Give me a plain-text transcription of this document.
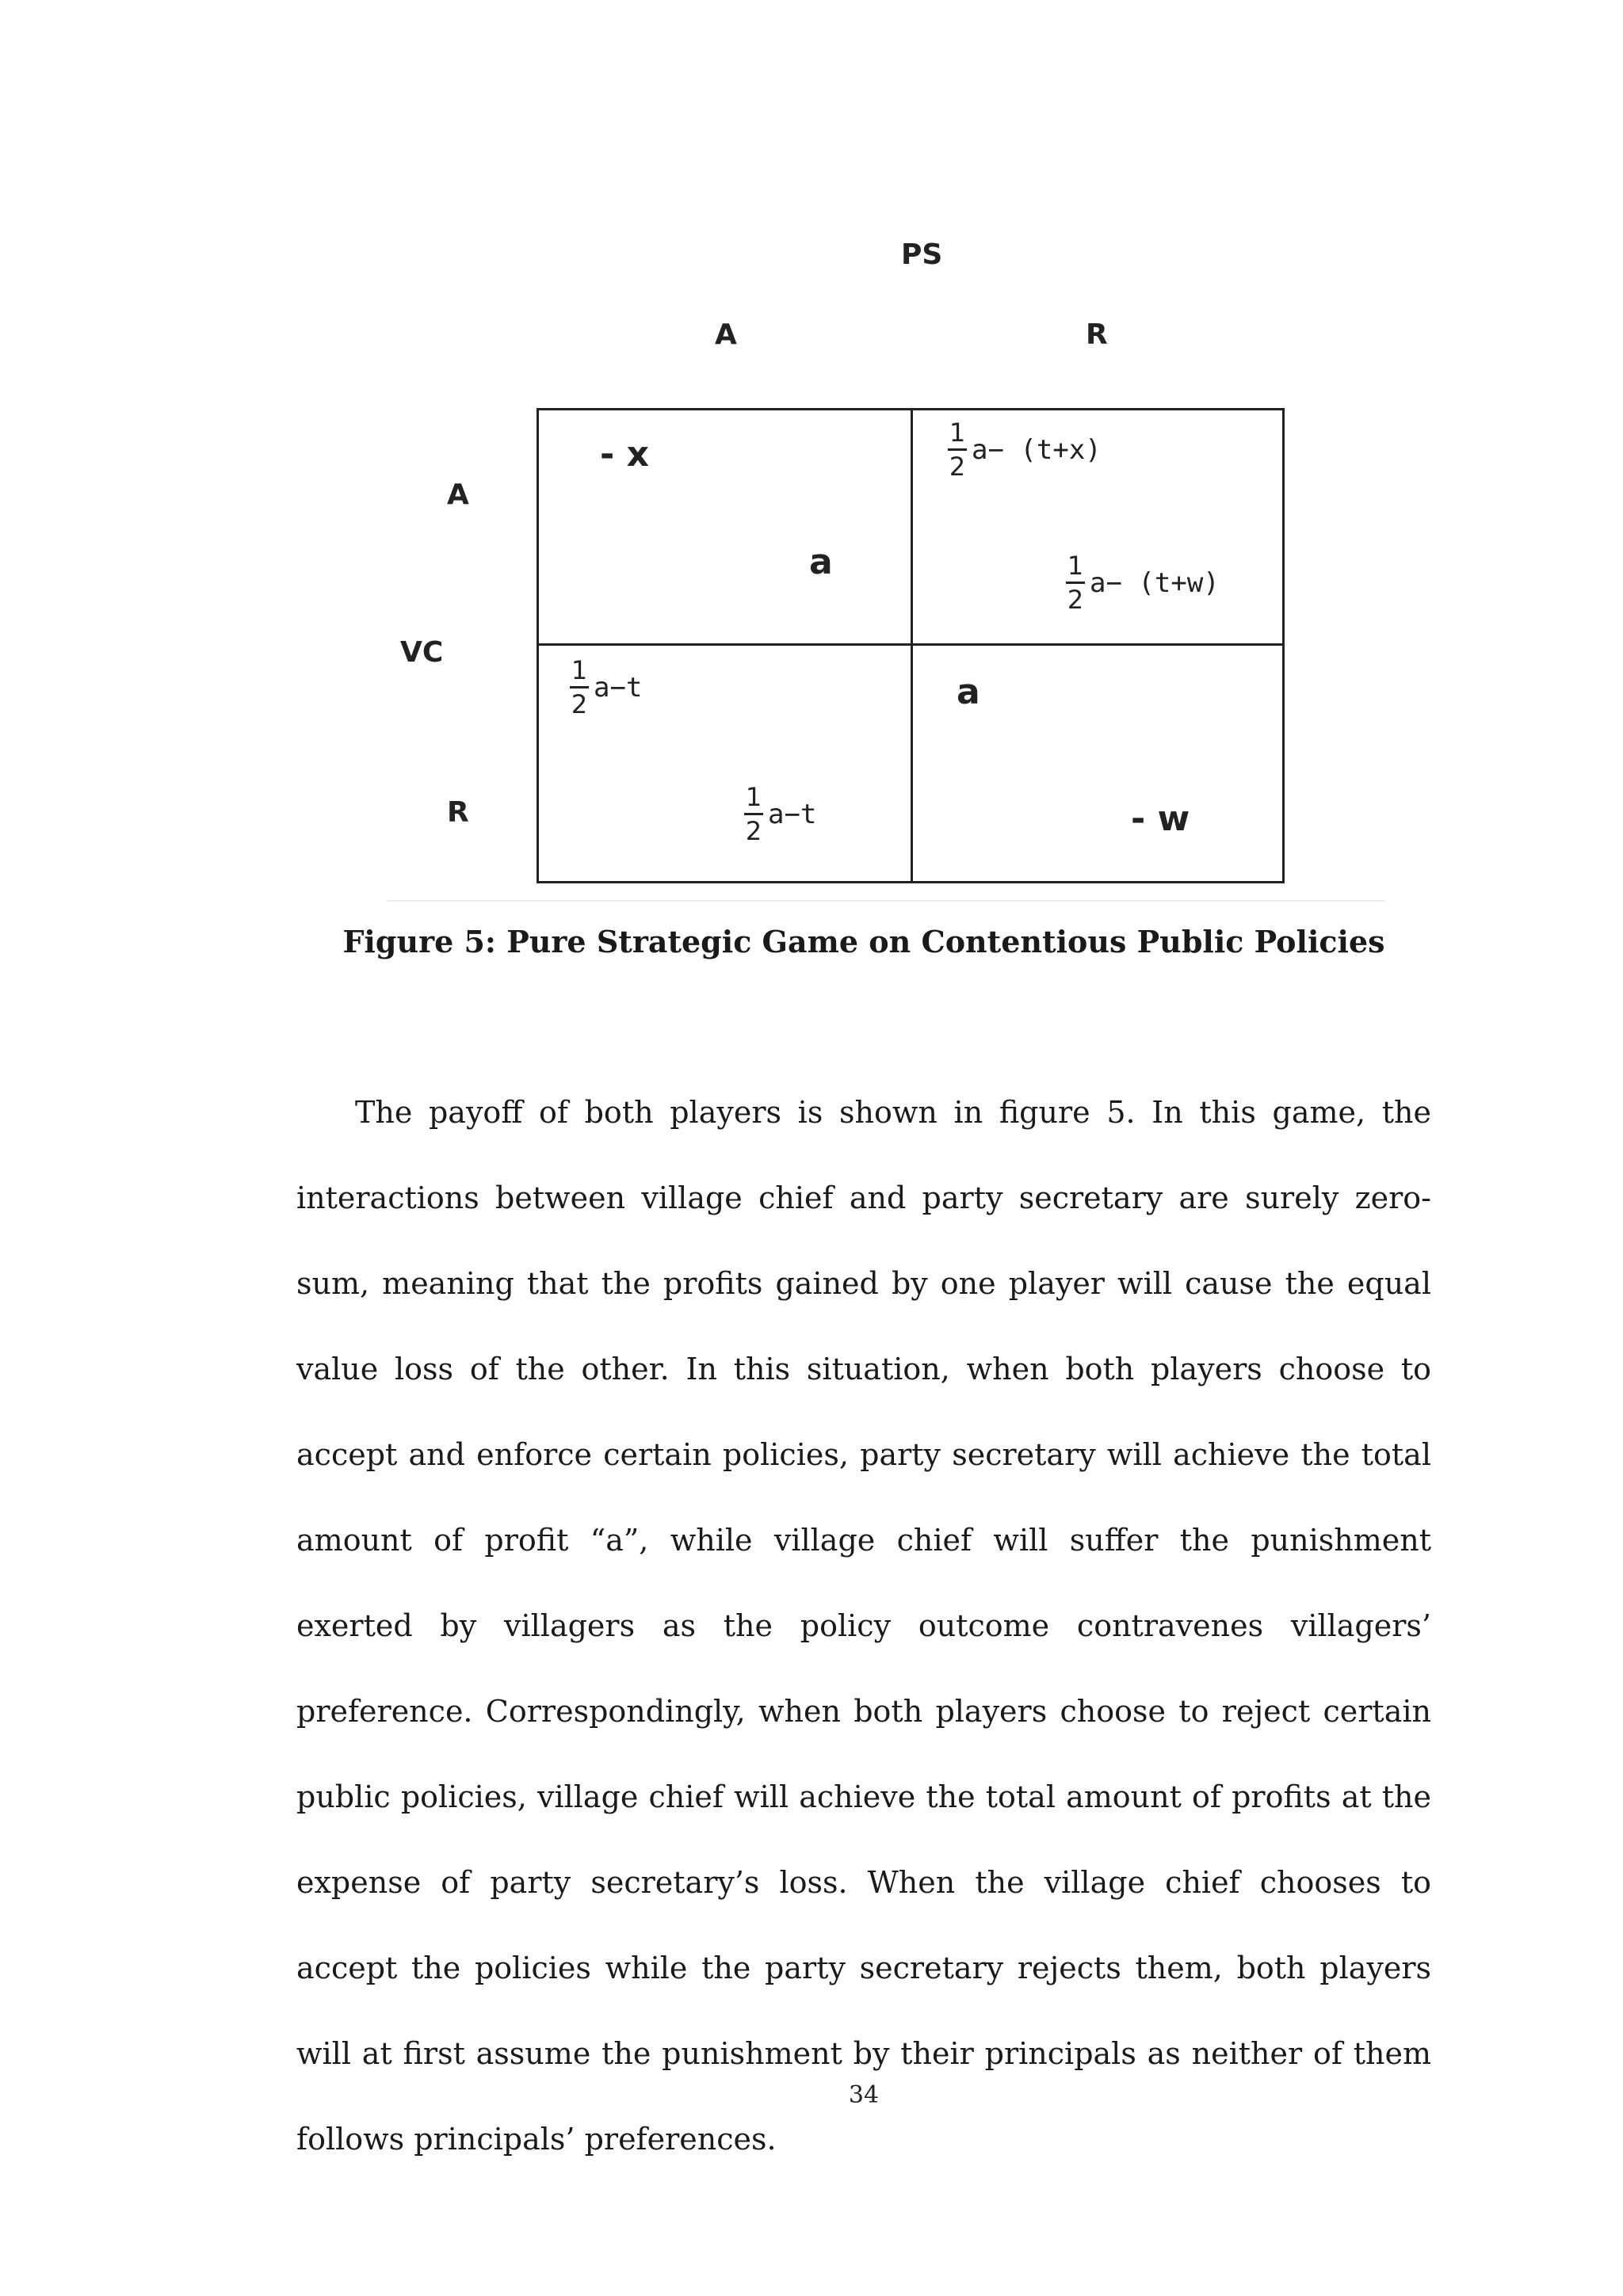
PS
A	R
A
VC
R
- x
a
$\frac{1}{2} a- (t+x)$
$\frac{1}{2} a- (t+w)$
$\frac{1}{2} a-t$
$\frac{1}{2} a-t$
a
- w
Figure 5: Pure Strategic Game on Contentious Public Policies

The payoff of both players is shown in figure 5. In this game, the interactions between village chief and party secretary are surely zero-sum, meaning that the profits gained by one player will cause the equal value loss of the other. In this situation, when both players choose to accept and enforce certain policies, party secretary will achieve the total amount of profit “a”, while village chief will suffer the punishment exerted by villagers as the policy outcome contravenes villagers’ preference. Correspondingly, when both players choose to reject certain public policies, village chief will achieve the total amount of profits at the expense of party secretary’s loss. When the village chief chooses to accept the policies while the party secretary rejects them, both players will at first assume the punishment by their principals as neither of them follows principals’ preferences.

34
